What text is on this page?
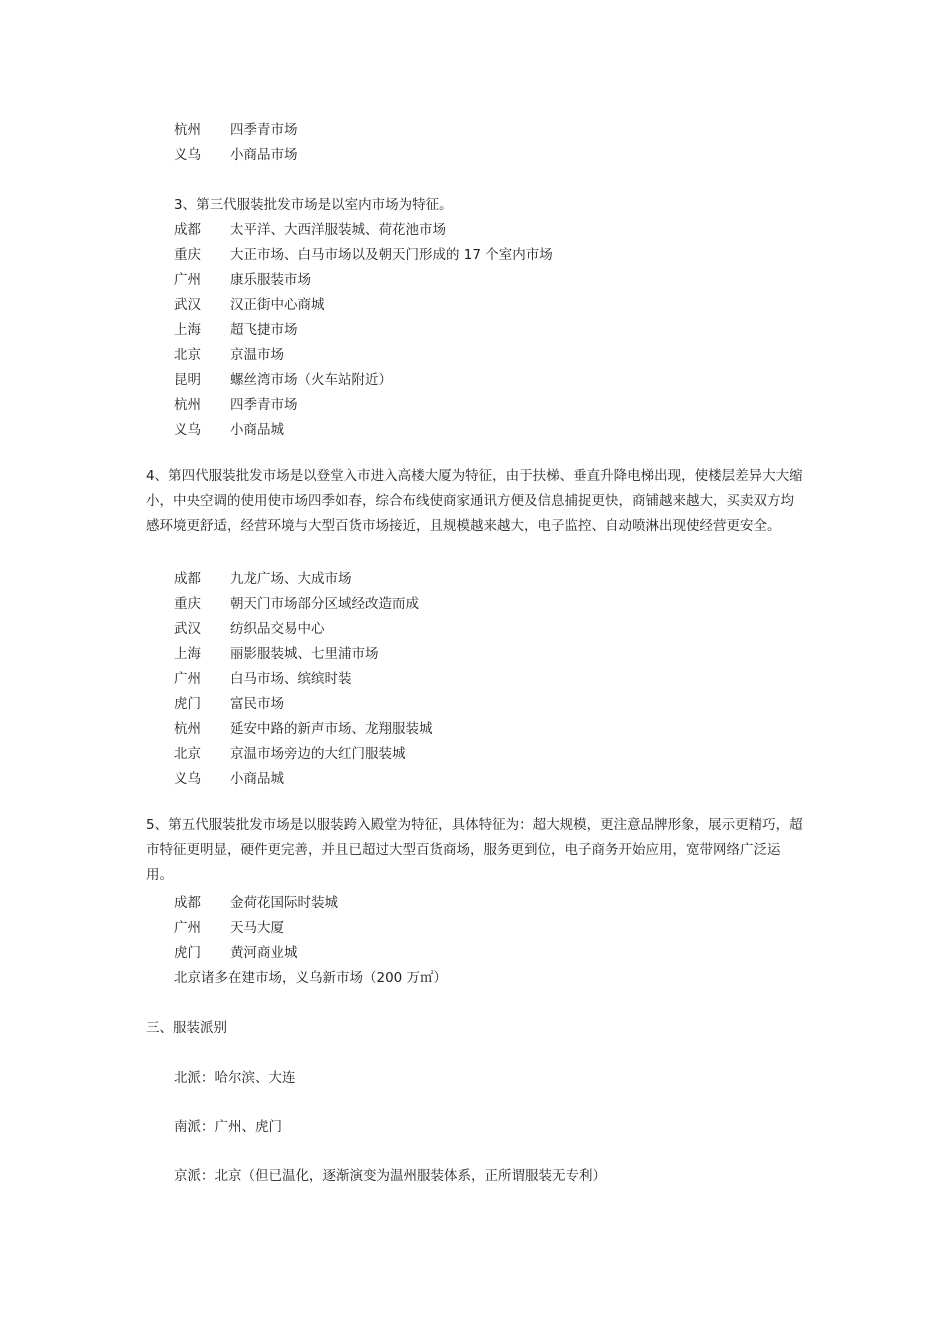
杭州 四季青市场
义乌 小商品市场
3、第三代服装批发市场是以室内市场为特征。
成都 太平洋、大西洋服装城、荷花池市场
重庆 大正市场、白马市场以及朝天门形成的 17 个室内市场
广州 康乐服装市场
武汉 汉正街中心商城
上海 超飞捷市场
北京 京温市场
昆明 螺丝湾市场（火车站附近）
杭州 四季青市场
义乌 小商品城
4、第四代服装批发市场是以登堂入市进入高楼大厦为特征，由于扶梯、垂直升降电梯出现，使楼层差异大大缩小，中央空调的使用使市场四季如春，综合布线使商家通讯方便及信息捕捉更快，商铺越来越大，买卖双方均感环境更舒适，经营环境与大型百货市场接近，且规模越来越大，电子监控、自动喷淋出现使经营更安全。
成都 九龙广场、大成市场
重庆 朝天门市场部分区域经改造而成
武汉 纺织品交易中心
上海 丽影服装城、七里浦市场
广州 白马市场、缤缤时装
虎门 富民市场
杭州 延安中路的新声市场、龙翔服装城
北京 京温市场旁边的大红门服装城
义乌 小商品城
5、第五代服装批发市场是以服装跨入殿堂为特征，具体特征为：超大规模，更注意品牌形象，展示更精巧，超市特征更明显，硬件更完善，并且已超过大型百货商场，服务更到位，电子商务开始应用，宽带网络广泛运用。
成都 金荷花国际时装城
广州 天马大厦
虎门 黄河商业城
北京诸多在建市场，义乌新市场（200 万㎡）
三、服装派别
北派：哈尔滨、大连
南派：广州、虎门
京派：北京（但已温化，逐渐演变为温州服装体系，正所谓服装无专利）
